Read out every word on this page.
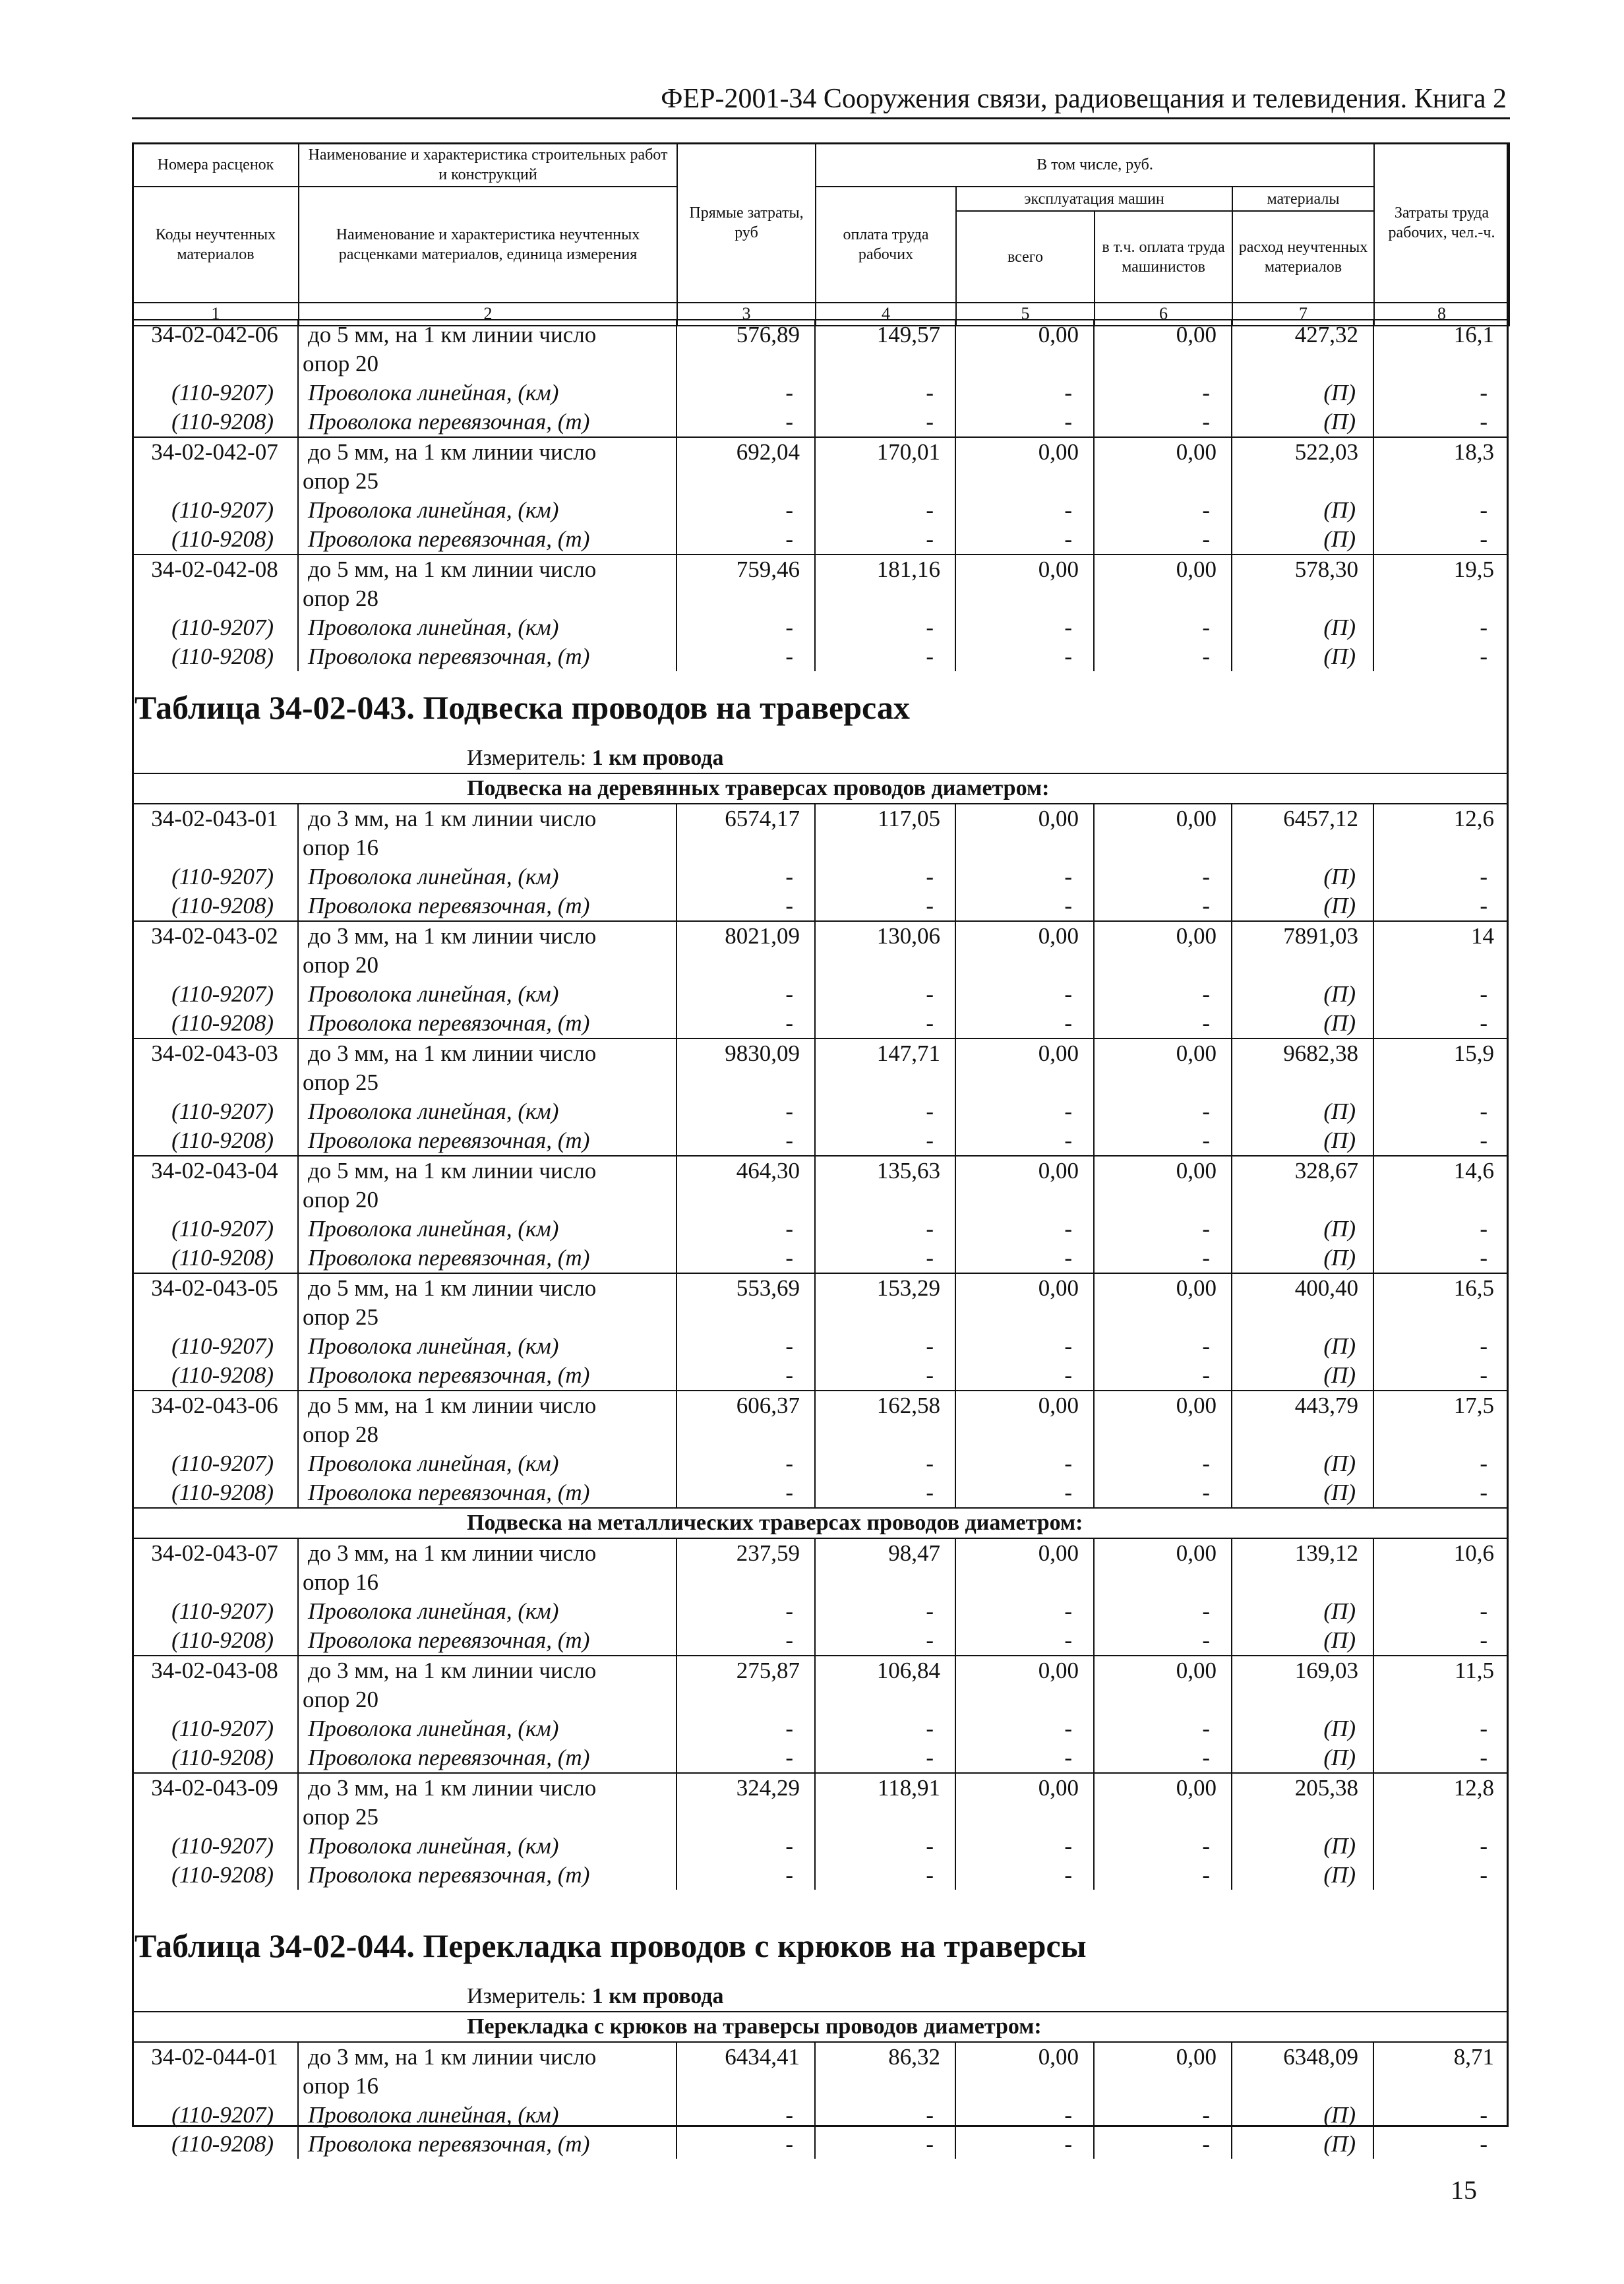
ФЕР-2001-34 Сооружения связи, радиовещания и телевидения. Книга 2
Номера расценок	Наименование и характеристика строительных работ и конструкций	Прямые затраты, руб	В том числе, руб.				Затраты труда рабочих, чел.-ч.
Коды неучтенных материалов	Наименование и характеристика неучтенных расценками материалов, единица измерения		оплата труда рабочих	эксплуатация машин		материалы	
				всего	в т.ч. оплата труда машинистов	расход неучтенных материалов	
1	2	3	4	5	6	7	8
34-02-042-06	до 5 мм, на 1 км линии число	576,89	149,57	0,00	0,00	427,32	16,1
	опор 20						
(110-9207)	Проволока линейная, (км)	-	-	-	-	(П)	-
(110-9208)	Проволока перевязочная, (т)	-	-	-	-	(П)	-
34-02-042-07	до 5 мм, на 1 км линии число	692,04	170,01	0,00	0,00	522,03	18,3
	опор 25						
(110-9207)	Проволока линейная, (км)	-	-	-	-	(П)	-
(110-9208)	Проволока перевязочная, (т)	-	-	-	-	(П)	-
34-02-042-08	до 5 мм, на 1 км линии число	759,46	181,16	0,00	0,00	578,30	19,5
	опор 28						
(110-9207)	Проволока линейная, (км)	-	-	-	-	(П)	-
(110-9208)	Проволока перевязочная, (т)	-	-	-	-	(П)	-
Таблица 34-02-043. Подвеска проводов на траверсах							
	Измеритель: 1 км провода						
	Подвеска на деревянных траверсах проводов диаметром:						
34-02-043-01	до 3 мм, на 1 км линии число	6574,17	117,05	0,00	0,00	6457,12	12,6
	опор 16						
(110-9207)	Проволока линейная, (км)	-	-	-	-	(П)	-
(110-9208)	Проволока перевязочная, (т)	-	-	-	-	(П)	-
34-02-043-02	до 3 мм, на 1 км линии число	8021,09	130,06	0,00	0,00	7891,03	14
	опор 20						
(110-9207)	Проволока линейная, (км)	-	-	-	-	(П)	-
(110-9208)	Проволока перевязочная, (т)	-	-	-	-	(П)	-
34-02-043-03	до 3 мм, на 1 км линии число	9830,09	147,71	0,00	0,00	9682,38	15,9
	опор 25						
(110-9207)	Проволока линейная, (км)	-	-	-	-	(П)	-
(110-9208)	Проволока перевязочная, (т)	-	-	-	-	(П)	-
34-02-043-04	до 5 мм, на 1 км линии число	464,30	135,63	0,00	0,00	328,67	14,6
	опор 20						
(110-9207)	Проволока линейная, (км)	-	-	-	-	(П)	-
(110-9208)	Проволока перевязочная, (т)	-	-	-	-	(П)	-
34-02-043-05	до 5 мм, на 1 км линии число	553,69	153,29	0,00	0,00	400,40	16,5
	опор 25						
(110-9207)	Проволока линейная, (км)	-	-	-	-	(П)	-
(110-9208)	Проволока перевязочная, (т)	-	-	-	-	(П)	-
34-02-043-06	до 5 мм, на 1 км линии число	606,37	162,58	0,00	0,00	443,79	17,5
	опор 28						
(110-9207)	Проволока линейная, (км)	-	-	-	-	(П)	-
(110-9208)	Проволока перевязочная, (т)	-	-	-	-	(П)	-
	Подвеска на металлических траверсах проводов диаметром:						
34-02-043-07	до 3 мм, на 1 км линии число	237,59	98,47	0,00	0,00	139,12	10,6
	опор 16						
(110-9207)	Проволока линейная, (км)	-	-	-	-	(П)	-
(110-9208)	Проволока перевязочная, (т)	-	-	-	-	(П)	-
34-02-043-08	до 3 мм, на 1 км линии число	275,87	106,84	0,00	0,00	169,03	11,5
	опор 20						
(110-9207)	Проволока линейная, (км)	-	-	-	-	(П)	-
(110-9208)	Проволока перевязочная, (т)	-	-	-	-	(П)	-
34-02-043-09	до 3 мм, на 1 км линии число	324,29	118,91	0,00	0,00	205,38	12,8
	опор 25						
(110-9207)	Проволока линейная, (км)	-	-	-	-	(П)	-
(110-9208)	Проволока перевязочная, (т)	-	-	-	-	(П)	-

Таблица 34-02-044. Перекладка проводов с крюков на траверсы							
	Измеритель: 1 км провода						
	Перекладка с крюков на траверсы проводов диаметром:						
34-02-044-01	до 3 мм, на 1 км линии число	6434,41	86,32	0,00	0,00	6348,09	8,71
	опор 16						
(110-9207)	Проволока линейная, (км)	-	-	-	-	(П)	-
(110-9208)	Проволока перевязочная, (т)	-	-	-	-	(П)	-
15
